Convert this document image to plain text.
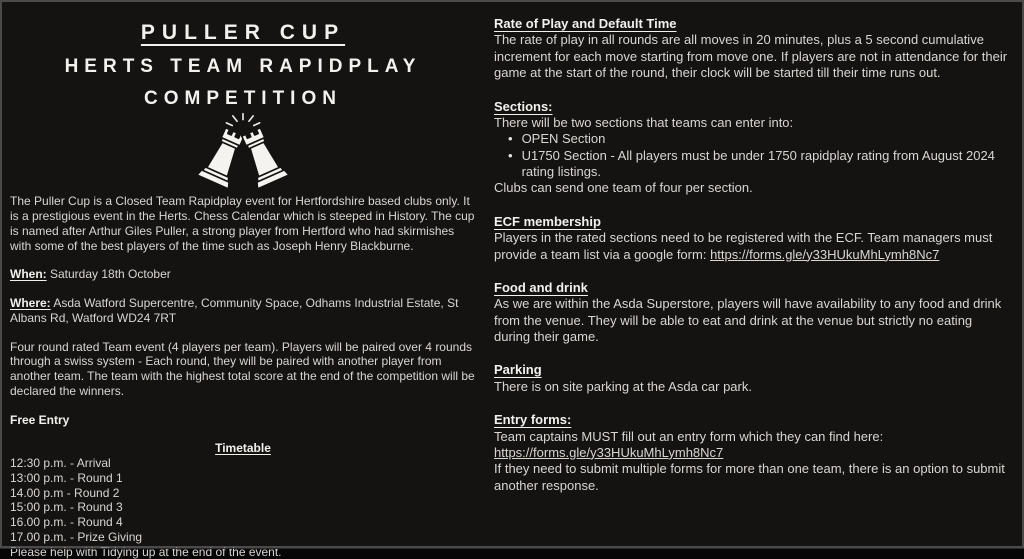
PULLER CUP
HERTS TEAM RAPIDPLAY
COMPETITION

The Puller Cup is a Closed Team Rapidplay event for Hertfordshire based clubs only. It is a prestigious event in the Herts. Chess Calendar which is steeped in History. The cup is named after Arthur Giles Puller, a strong player from Hertford who had skirmishes with some of the best players of the time such as Joseph Henry Blackburne.

When: Saturday 18th October

Where: Asda Watford Supercentre, Community Space, Odhams Industrial Estate, St Albans Rd, Watford WD24 7RT

Four round rated Team event (4 players per team). Players will be paired over 4 rounds through a swiss system - Each round, they will be paired with another player from another team. The team with the highest total score at the end of the competition will be declared the winners.

Free Entry

Timetable

12:30 p.m. - Arrival

13:00 p.m. - Round 1

14.00 p.m - Round 2

15:00 p.m. - Round 3

16.00 p.m. - Round 4

17.00 p.m. - Prize Giving

Please help with Tidying up at the end of the event.

Rate of Play and Default Time

The rate of play in all rounds are all moves in 20 minutes, plus a 5 second cumulative increment for each move starting from move one. If players are not in attendance for their game at the start of the round, their clock will be started till their time runs out.

Sections:

There will be two sections that teams can enter into:

• OPEN Section
• U1750 Section - All players must be under 1750 rapidplay rating from August 2024 rating listings.

Clubs can send one team of four per section.

ECF membership

Players in the rated sections need to be registered with the ECF. Team managers must provide a team list via a google form: https://forms.gle/y33HUkuMhLymh8Nc7

Food and drink

As we are within the Asda Superstore, players will have availability to any food and drink from the venue. They will be able to eat and drink at the venue but strictly no eating during their game.

Parking

There is on site parking at the Asda car park.

Entry forms:

Team captains MUST fill out an entry form which they can find here:

https://forms.gle/y33HUkuMhLymh8Nc7

If they need to submit multiple forms for more than one team, there is an option to submit another response.
